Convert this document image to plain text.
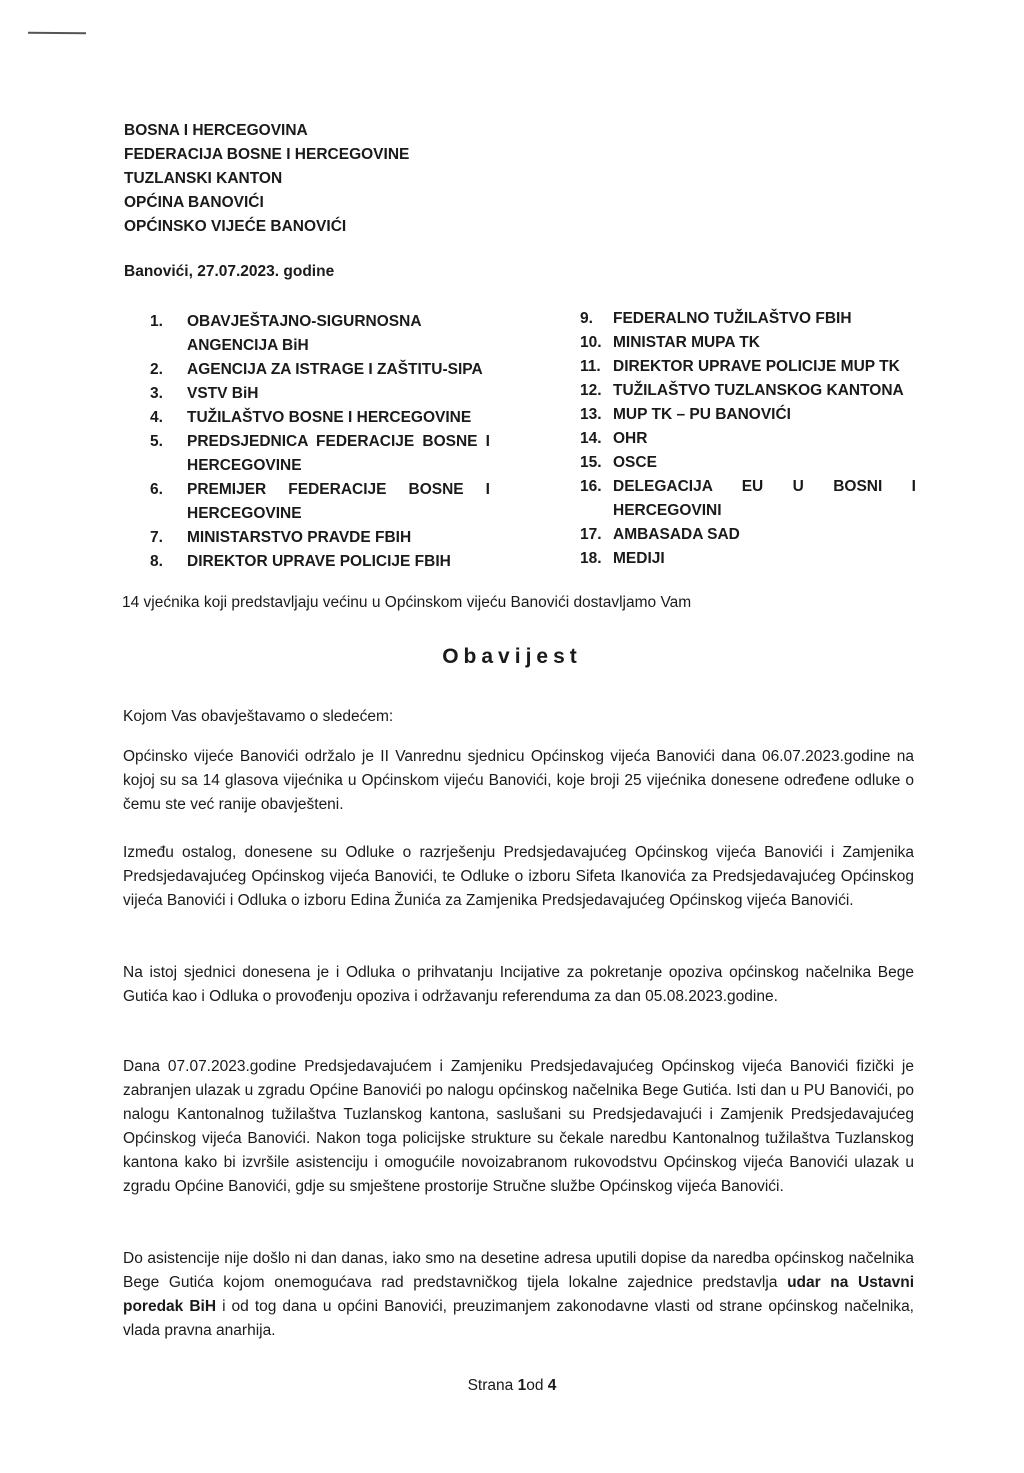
BOSNA I HERCEGOVINA
FEDERACIJA BOSNE I HERCEGOVINE
TUZLANSKI KANTON
OPĆINA BANOVIĆI
OPĆINSKO VIJEĆE BANOVIĆI
Banovići, 27.07.2023. godine
1.	OBAVJEŠTAJNO-SIGURNOSNA ANGENCIJA BiH
2.	AGENCIJA ZA ISTRAGE I ZAŠTITU-SIPA
3.	VSTV BiH
4.	TUŽILAŠTVO BOSNE I HERCEGOVINE
5.	PREDSJEDNICA FEDERACIJE BOSNE I HERCEGOVINE
6.	PREMIJER FEDERACIJE BOSNE I HERCEGOVINE
7.	MINISTARSTVO PRAVDE FBIH
8.	DIREKTOR UPRAVE POLICIJE FBIH
9.	FEDERALNO TUŽILAŠTVO FBIH
10. MINISTAR MUPA TK
11. DIREKTOR UPRAVE POLICIJE MUP TK
12. TUŽILAŠTVO TUZLANSKOG KANTONA
13. MUP TK – PU BANOVIĆI
14. OHR
15. OSCE
16. DELEGACIJA EU U BOSNI I HERCEGOVINI
17. AMBASADA SAD
18. MEDIJI
14 vjećnika koji predstavljaju većinu u Općinskom vijeću Banovići dostavljamo Vam
Obavijest

Kojom Vas obavještavamo o sledećem:

Općinsko vijeće Banovići održalo je II Vanrednu sjednicu Općinskog vijeća Banovići dana 06.07.2023.godine na kojoj su sa 14 glasova vijećnika u Općinskom vijeću Banovići, koje broji 25 vijećnika donesene određene odluke o čemu ste već ranije obavješteni.

Između ostalog, donesene su Odluke o razrješenju Predsjedavajućeg Općinskog vijeća Banovići i Zamjenika Predsjedavajućeg Općinskog vijeća Banovići, te Odluke o izboru Sifeta Ikanovića za Predsjedavajućeg Općinskog vijeća Banovići i Odluka o izboru Edina Žunića za Zamjenika Predsjedavajućeg Općinskog vijeća Banovići.

Na istoj sjednici donesena je i Odluka o prihvatanju Incijative za pokretanje opoziva općinskog načelnika Bege Gutića kao i Odluka o provođenju opoziva i održavanju referenduma za dan 05.08.2023.godine.

Dana 07.07.2023.godine Predsjedavajućem i Zamjeniku Predsjedavajućeg Općinskog vijeća Banovići fizički je zabranjen ulazak u zgradu Općine Banovići po nalogu općinskog načelnika Bege Gutića. Isti dan u PU Banovići, po nalogu Kantonalnog tužilaštva Tuzlanskog kantona, saslušani su Predsjedavajući i Zamjenik Predsjedavajućeg Općinskog vijeća Banovići. Nakon toga policijske strukture su čekale naredbu Kantonalnog tužilaštva Tuzlanskog kantona kako bi izvršile asistenciju i omogućile novoizabranom rukovodstvu Općinskog vijeća Banovići ulazak u zgradu Općine Banovići, gdje su smještene prostorije Stručne službe Općinskog vijeća Banovići.

Do asistencije nije došlo ni dan danas, iako smo na desetine adresa uputili dopise da naredba općinskog načelnika Bege Gutića kojom onemogućava rad predstavničkog tijela lokalne zajednice predstavlja udar na Ustavni poredak BiH i od tog dana u općini Banovići, preuzimanjem zakonodavne vlasti od strane općinskog načelnika, vlada pravna anarhija.

Strana 1od 4
